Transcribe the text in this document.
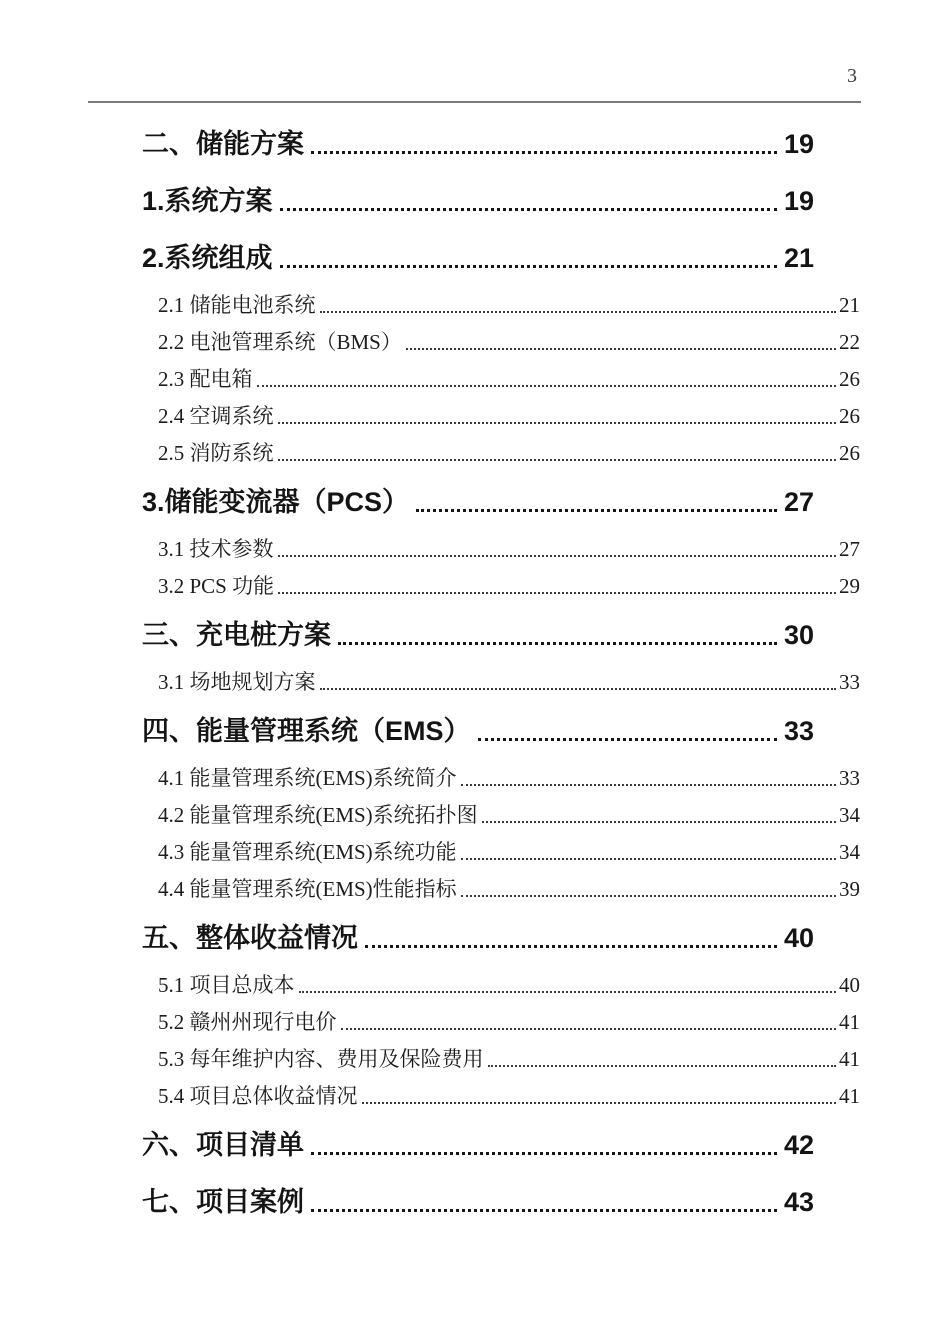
3
二、储能方案	19
1.系统方案	19
2.系统组成	21
2.1 储能电池系统	21
2.2 电池管理系统（BMS）	22
2.3 配电箱	26
2.4 空调系统	26
2.5 消防系统	26
3.储能变流器（PCS）	27
3.1 技术参数	27
3.2 PCS 功能	29
三、充电桩方案	30
3.1 场地规划方案	33
四、能量管理系统（EMS）	33
4.1 能量管理系统(EMS)系统简介	33
4.2 能量管理系统(EMS)系统拓扑图	34
4.3 能量管理系统(EMS)系统功能	34
4.4 能量管理系统(EMS)性能指标	39
五、整体收益情况	40
5.1 项目总成本	40
5.2 赣州州现行电价	41
5.3 每年维护内容、费用及保险费用	41
5.4 项目总体收益情况	41
六、项目清单	42
七、项目案例	43
